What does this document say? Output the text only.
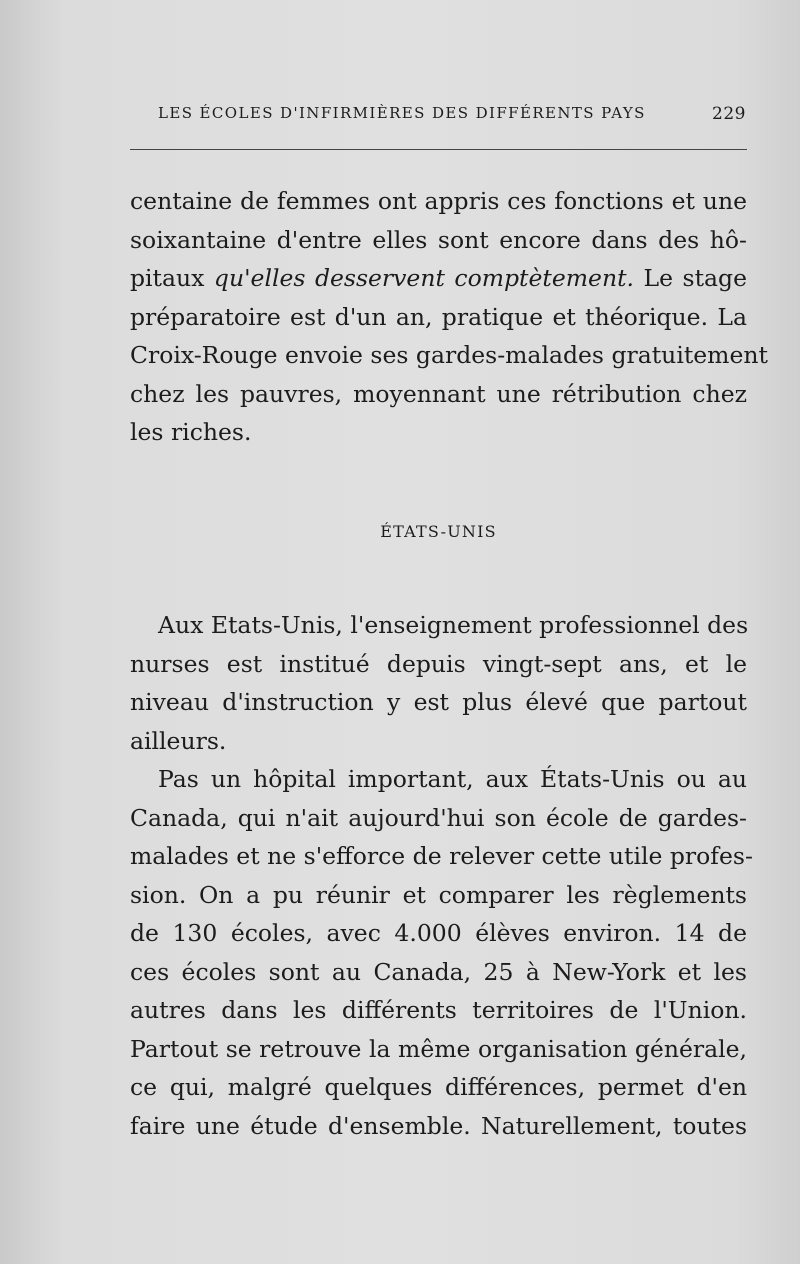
LES ÉCOLES D'INFIRMIÈRES DES DIFFÉRENTS PAYS	229
centaine de femmes ont appris ces fonctions et une
soixantaine d'entre elles sont encore dans des hô-
pitaux qu'elles desservent comptètement. Le stage
préparatoire est d'un an, pratique et théorique. La
Croix-Rouge envoie ses gardes-malades gratuitement
chez les pauvres, moyennant une rétribution chez
les riches.
ÉTATS-UNIS
Aux Etats-Unis, l'enseignement professionnel des
nurses est institué depuis vingt-sept ans, et le
niveau d'instruction y est plus élevé que partout
ailleurs.
Pas un hôpital important, aux États-Unis ou au
Canada, qui n'ait aujourd'hui son école de gardes-
malades et ne s'efforce de relever cette utile profes-
sion. On a pu réunir et comparer les règlements
de 130 écoles, avec 4.000 élèves environ. 14 de
ces écoles sont au Canada, 25 à New-York et les
autres dans les différents territoires de l'Union.
Partout se retrouve la même organisation générale,
ce qui, malgré quelques différences, permet d'en
faire une étude d'ensemble. Naturellement, toutes
